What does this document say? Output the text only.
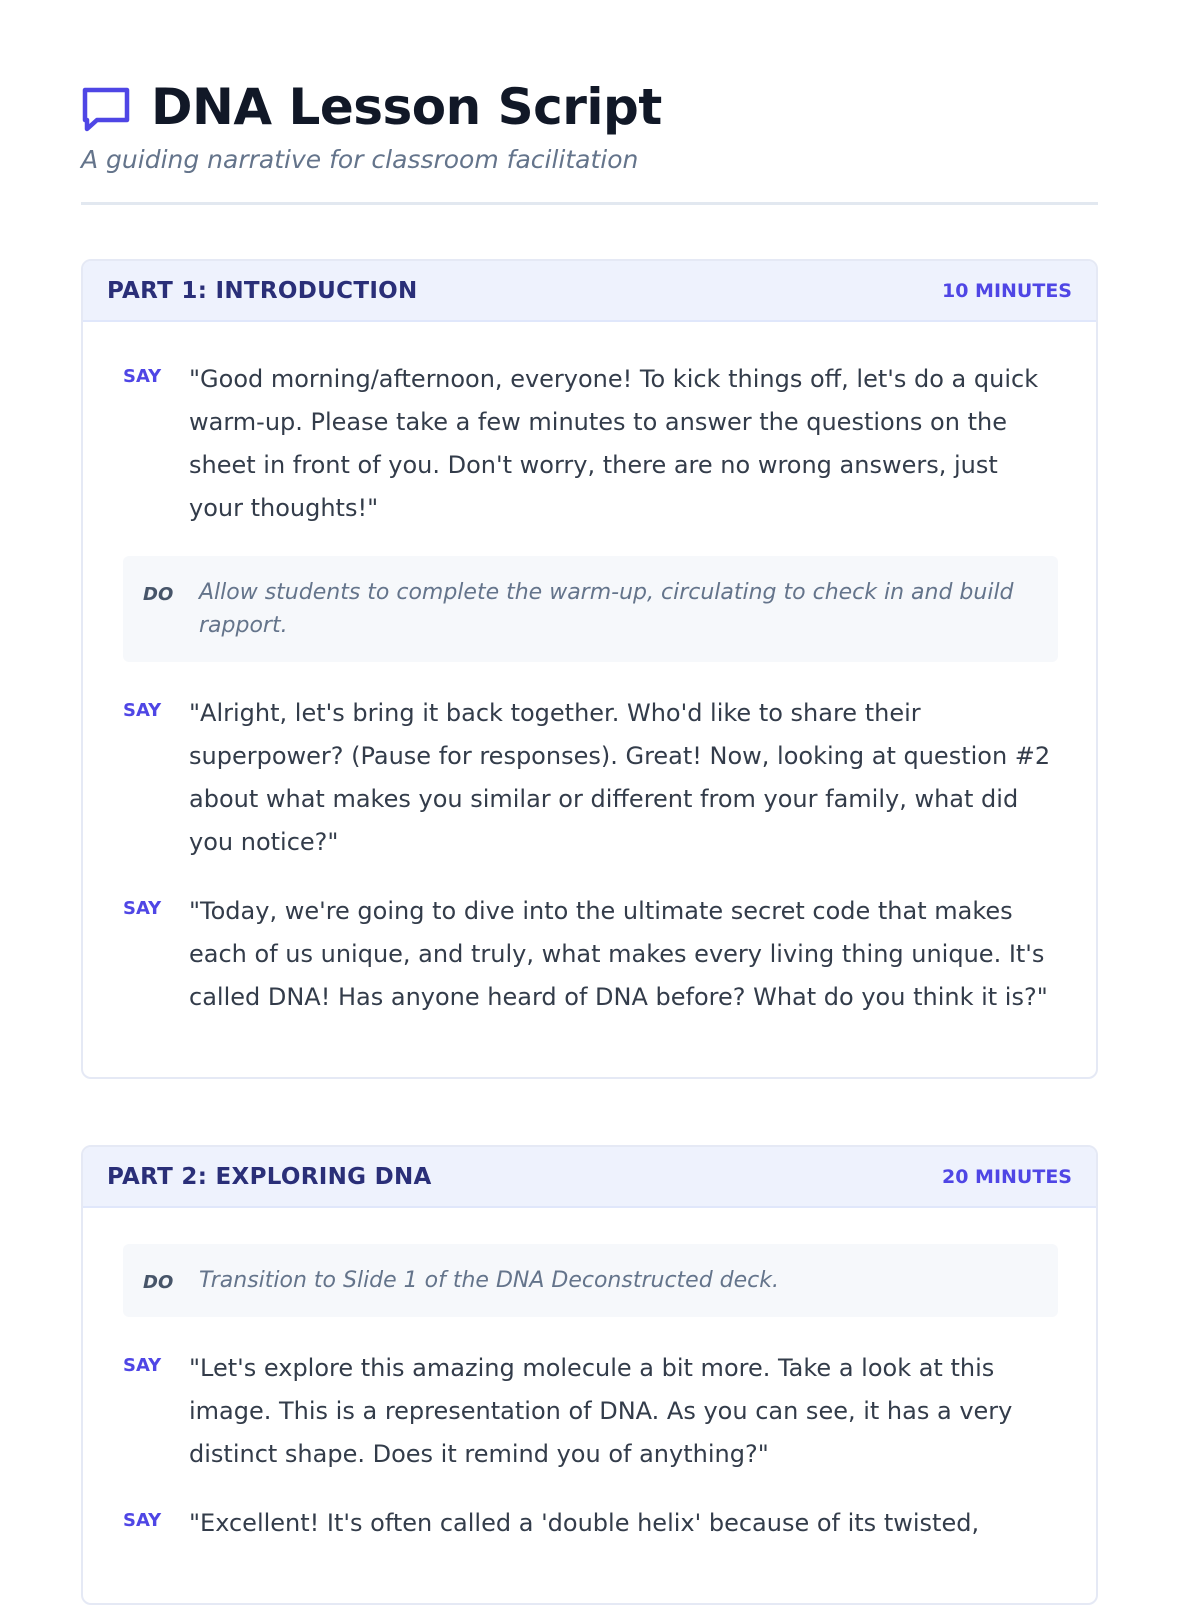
DNA Lesson Script
A guiding narrative for classroom facilitation
PART 1: INTRODUCTION	10 MINUTES
SAY	"Good morning/afternoon, everyone! To kick things off, let's do a quick warm-up. Please take a few minutes to answer the questions on the sheet in front of you. Don't worry, there are no wrong answers, just your thoughts!"

DO	Allow students to complete the warm-up, circulating to check in and build rapport.

SAY	"Alright, let's bring it back together. Who'd like to share their superpower? (Pause for responses). Great! Now, looking at question #2 about what makes you similar or different from your family, what did you notice?"

SAY	"Today, we're going to dive into the ultimate secret code that makes each of us unique, and truly, what makes every living thing unique. It's called DNA! Has anyone heard of DNA before? What do you think it is?"

PART 2: EXPLORING DNA	20 MINUTES
DO	Transition to Slide 1 of the DNA Deconstructed deck.

SAY	"Let's explore this amazing molecule a bit more. Take a look at this image. This is a representation of DNA. As you can see, it has a very distinct shape. Does it remind you of anything?"

SAY	"Excellent! It's often called a 'double helix' because of its twisted,
